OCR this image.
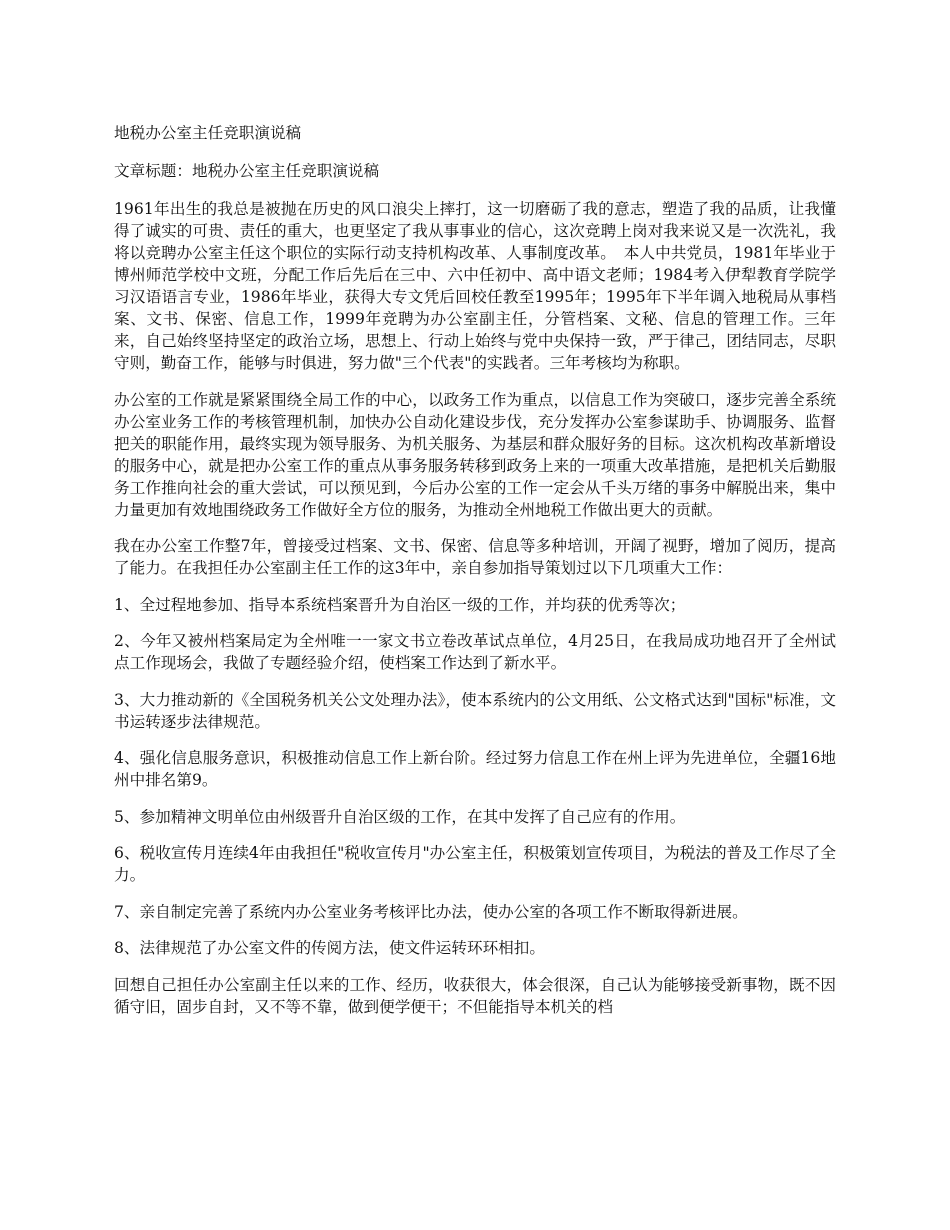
地税办公室主任竞职演说稿

文章标题：地税办公室主任竞职演说稿

1961年出生的我总是被抛在历史的风口浪尖上摔打，这一切磨砺了我的意志，塑造了我的品质，让我懂得了诚实的可贵、责任的重大，也更坚定了我从事事业的信心，这次竞聘上岗对我来说又是一次洗礼，我将以竞聘办公室主任这个职位的实际行动支持机构改革、人事制度改革。　本人中共党员，1981年毕业于博州师范学校中文班，分配工作后先后在三中、六中任初中、高中语文老师；1984考入伊犁教育学院学习汉语语言专业，1986年毕业，获得大专文凭后回校任教至1995年；1995年下半年调入地税局从事档案、文书、保密、信息工作，1999年竞聘为办公室副主任，分管档案、文秘、信息的管理工作。三年来，自己始终坚持坚定的政治立场，思想上、行动上始终与党中央保持一致，严于律己，团结同志，尽职守则，勤奋工作，能够与时俱进，努力做"三个代表"的实践者。三年考核均为称职。

办公室的工作就是紧紧围绕全局工作的中心，以政务工作为重点，以信息工作为突破口，逐步完善全系统办公室业务工作的考核管理机制，加快办公自动化建设步伐，充分发挥办公室参谋助手、协调服务、监督把关的职能作用，最终实现为领导服务、为机关服务、为基层和群众服好务的目标。这次机构改革新增设的服务中心，就是把办公室工作的重点从事务服务转移到政务上来的一项重大改革措施，是把机关后勤服务工作推向社会的重大尝试，可以预见到，今后办公室的工作一定会从千头万绪的事务中解脱出来，集中力量更加有效地围绕政务工作做好全方位的服务，为推动全州地税工作做出更大的贡献。

我在办公室工作整7年，曾接受过档案、文书、保密、信息等多种培训，开阔了视野，增加了阅历，提高了能力。在我担任办公室副主任工作的这3年中，亲自参加指导策划过以下几项重大工作：

1、全过程地参加、指导本系统档案晋升为自治区一级的工作，并均获的优秀等次；

2、今年又被州档案局定为全州唯一一家文书立卷改革试点单位，4月25日，在我局成功地召开了全州试点工作现场会，我做了专题经验介绍，使档案工作达到了新水平。

3、大力推动新的《全国税务机关公文处理办法》，使本系统内的公文用纸、公文格式达到"国标"标准，文书运转逐步法律规范。

4、强化信息服务意识，积极推动信息工作上新台阶。经过努力信息工作在州上评为先进单位，全疆16地州中排名第9。

5、参加精神文明单位由州级晋升自治区级的工作，在其中发挥了自己应有的作用。

6、税收宣传月连续4年由我担任"税收宣传月"办公室主任，积极策划宣传项目，为税法的普及工作尽了全力。

7、亲自制定完善了系统内办公室业务考核评比办法，使办公室的各项工作不断取得新进展。

8、法律规范了办公室文件的传阅方法，使文件运转环环相扣。

回想自己担任办公室副主任以来的工作、经历，收获很大，体会很深，自己认为能够接受新事物，既不因循守旧，固步自封，又不等不靠，做到便学便干；不但能指导本机关的档
